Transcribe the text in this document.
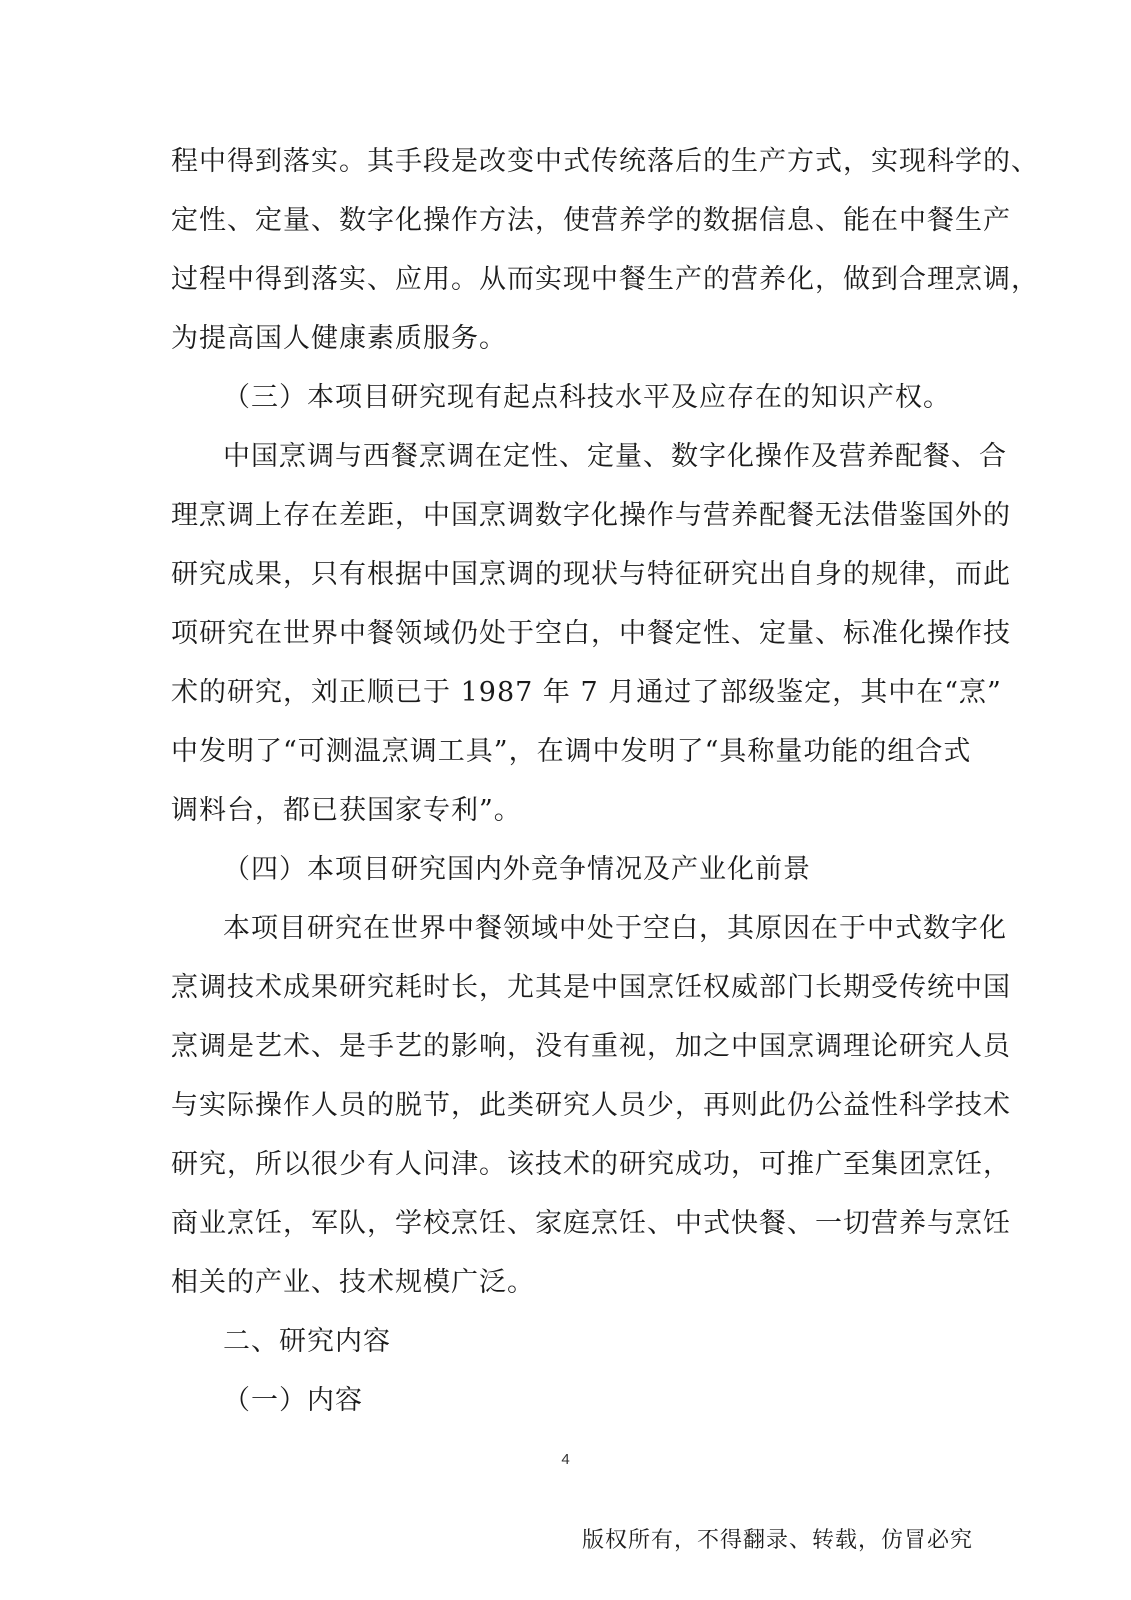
程中得到落实。其手段是改变中式传统落后的生产方式，实现科学的、
定性、定量、数字化操作方法，使营养学的数据信息、能在中餐生产
过程中得到落实、应用。从而实现中餐生产的营养化，做到合理烹调，
为提高国人健康素质服务。
（三）本项目研究现有起点科技水平及应存在的知识产权。
中国烹调与西餐烹调在定性、定量、数字化操作及营养配餐、合
理烹调上存在差距，中国烹调数字化操作与营养配餐无法借鉴国外的
研究成果，只有根据中国烹调的现状与特征研究出自身的规律，而此
项研究在世界中餐领域仍处于空白，中餐定性、定量、标准化操作技
术的研究，刘正顺已于 1987 年 7 月通过了部级鉴定，其中在“烹”
中发明了“可测温烹调工具”，在调中发明了“具称量功能的组合式
调料台，都已获国家专利”。
（四）本项目研究国内外竞争情况及产业化前景
本项目研究在世界中餐领域中处于空白，其原因在于中式数字化
烹调技术成果研究耗时长，尤其是中国烹饪权威部门长期受传统中国
烹调是艺术、是手艺的影响，没有重视，加之中国烹调理论研究人员
与实际操作人员的脱节，此类研究人员少，再则此仍公益性科学技术
研究，所以很少有人问津。该技术的研究成功，可推广至集团烹饪，
商业烹饪，军队，学校烹饪、家庭烹饪、中式快餐、一切营养与烹饪
相关的产业、技术规模广泛。
二、研究内容
（一）内容
4
版权所有，不得翻录、转载，仿冒必究
